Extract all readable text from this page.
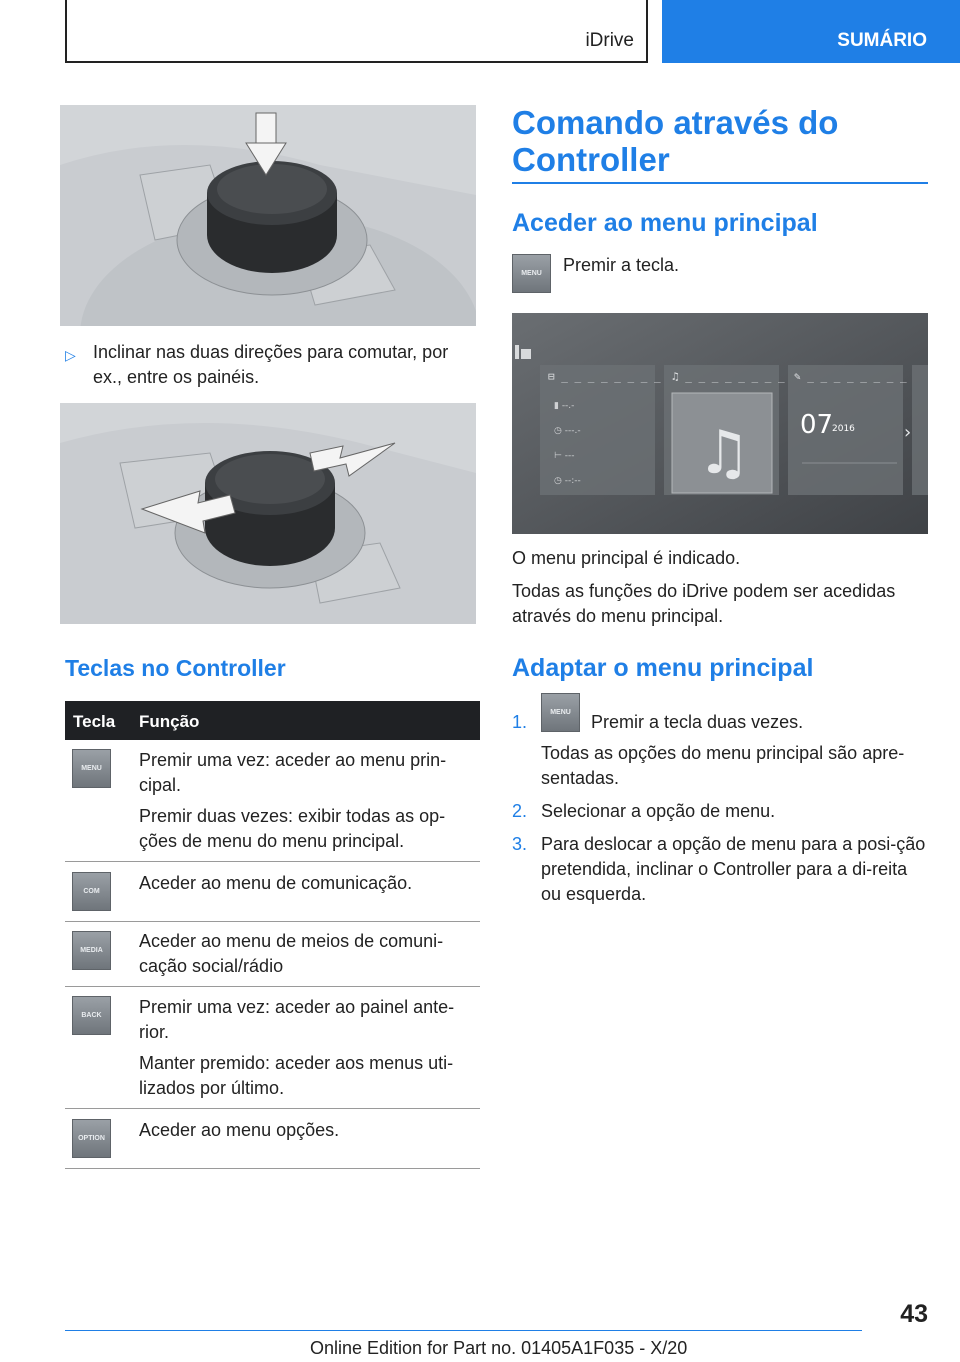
iDrive	SUMÁRIO
▷ Inclinar nas duas direções para comutar, por ex., entre os painéis.
Teclas no Controller
Tecla Função
MENU	Premir uma vez: aceder ao menu prin-cipal.

Premir duas vezes: exibir todas as op-ções de menu do menu principal.

COM	Aceder ao menu de comunicação.

MEDIA	Aceder ao menu de meios de comuni-cação social/rádio

BACK	Premir uma vez: aceder ao painel ante-rior.

Manter premido: aceder aos menus uti-lizados por último.

OPTION	Aceder ao menu opções.

Comando através do Controller
Aceder ao menu principal
MENU	Premir a tecla.
⊟ _ _ _ _ _ _ _ _
▮ --.-
◷ ---.-
⊢ ---
◷ --:--
♫ _ _ _ _ _ _ _ _
♫
✎ _ _ _ _ _ _ _ _
07
2016	›
O menu principal é indicado.
Todas as funções do iDrive podem ser acedidas através do menu principal.
Adaptar o menu principal
1.	MENU	Premir a tecla duas vezes.
Todas as opções do menu principal são apre-sentadas.
2. Selecionar a opção de menu.
3. Para deslocar a opção de menu para a posi-ção pretendida, inclinar o Controller para a di-reita ou esquerda.
43
Online Edition for Part no. 01405A1F035 - X/20
